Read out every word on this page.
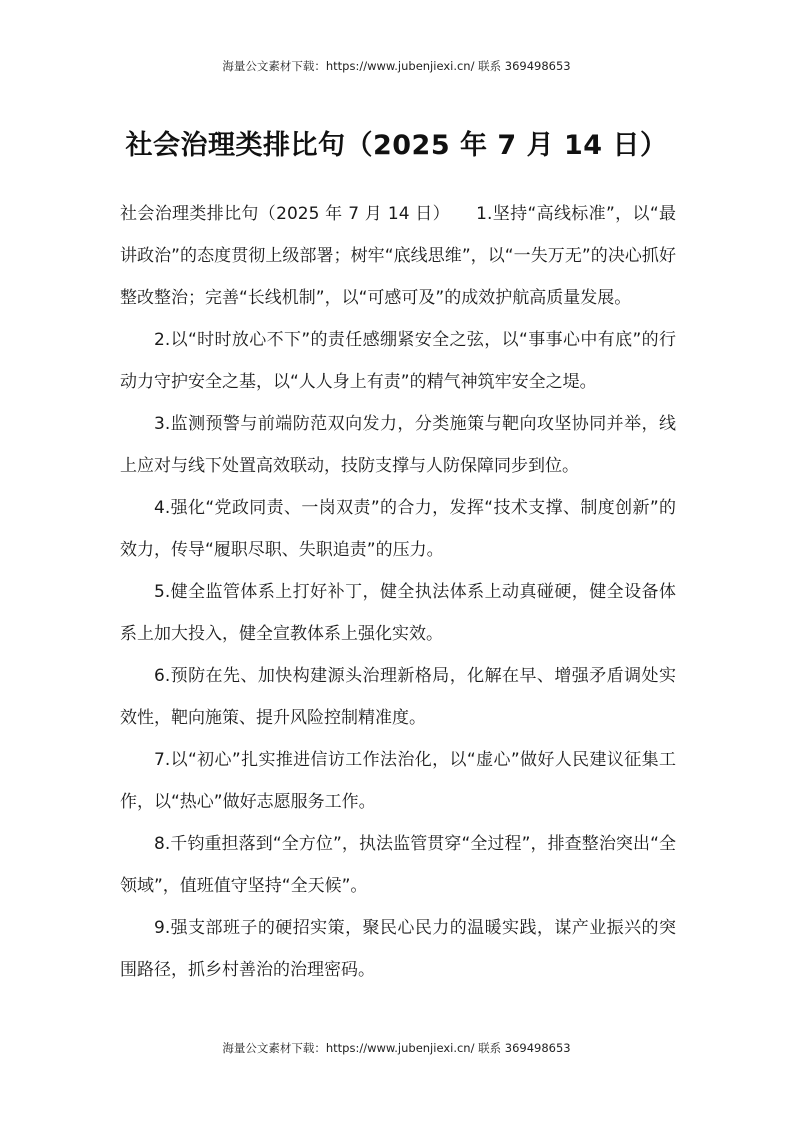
海量公文素材下载：https://www.jubenjiexi.cn/ 联系 369498653
社会治理类排比句（2025 年 7 月 14 日）

社会治理类排比句（2025 年 7 月 14 日）　　1.坚持“高线标准”，以“最讲政治”的态度贯彻上级部署；树牢“底线思维”，以“一失万无”的决心抓好整改整治；完善“长线机制”，以“可感可及”的成效护航高质量发展。

2.以“时时放心不下”的责任感绷紧安全之弦，以“事事心中有底”的行动力守护安全之基，以“人人身上有责”的精气神筑牢安全之堤。

3.监测预警与前端防范双向发力，分类施策与靶向攻坚协同并举，线上应对与线下处置高效联动，技防支撑与人防保障同步到位。

4.强化“党政同责、一岗双责”的合力，发挥“技术支撑、制度创新”的效力，传导“履职尽职、失职追责”的压力。

5.健全监管体系上打好补丁，健全执法体系上动真碰硬，健全设备体系上加大投入，健全宣教体系上强化实效。

6.预防在先、加快构建源头治理新格局，化解在早、增强矛盾调处实效性，靶向施策、提升风险控制精准度。

7.以“初心”扎实推进信访工作法治化，以“虚心”做好人民建议征集工作，以“热心”做好志愿服务工作。

8.千钧重担落到“全方位”，执法监管贯穿“全过程”，排查整治突出“全领域”，值班值守坚持“全天候”。

9.强支部班子的硬招实策，聚民心民力的温暖实践，谋产业振兴的突围路径，抓乡村善治的治理密码。

海量公文素材下载：https://www.jubenjiexi.cn/ 联系 369498653
